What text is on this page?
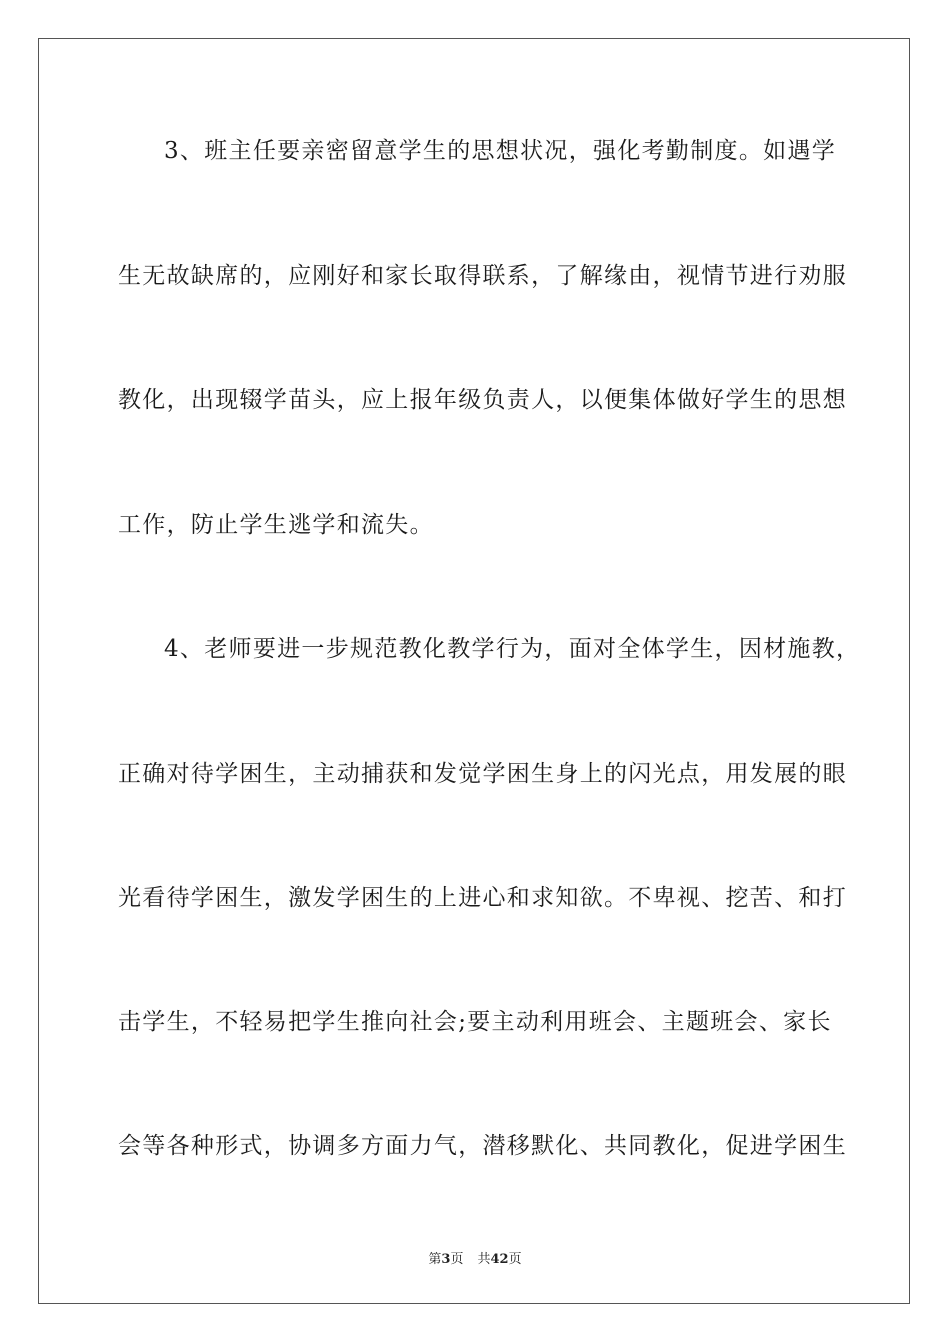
3、班主任要亲密留意学生的思想状况，强化考勤制度。如遇学
生无故缺席的，应刚好和家长取得联系，了解缘由，视情节进行劝服
教化，出现辍学苗头，应上报年级负责人，以便集体做好学生的思想
工作，防止学生逃学和流失。
4、老师要进一步规范教化教学行为，面对全体学生，因材施教，
正确对待学困生，主动捕获和发觉学困生身上的闪光点，用发展的眼
光看待学困生，激发学困生的上进心和求知欲。不卑视、挖苦、和打
击学生，不轻易把学生推向社会;要主动利用班会、主题班会、家长
会等各种形式，协调多方面力气，潜移默化、共同教化，促进学困生
第3页 共42页
